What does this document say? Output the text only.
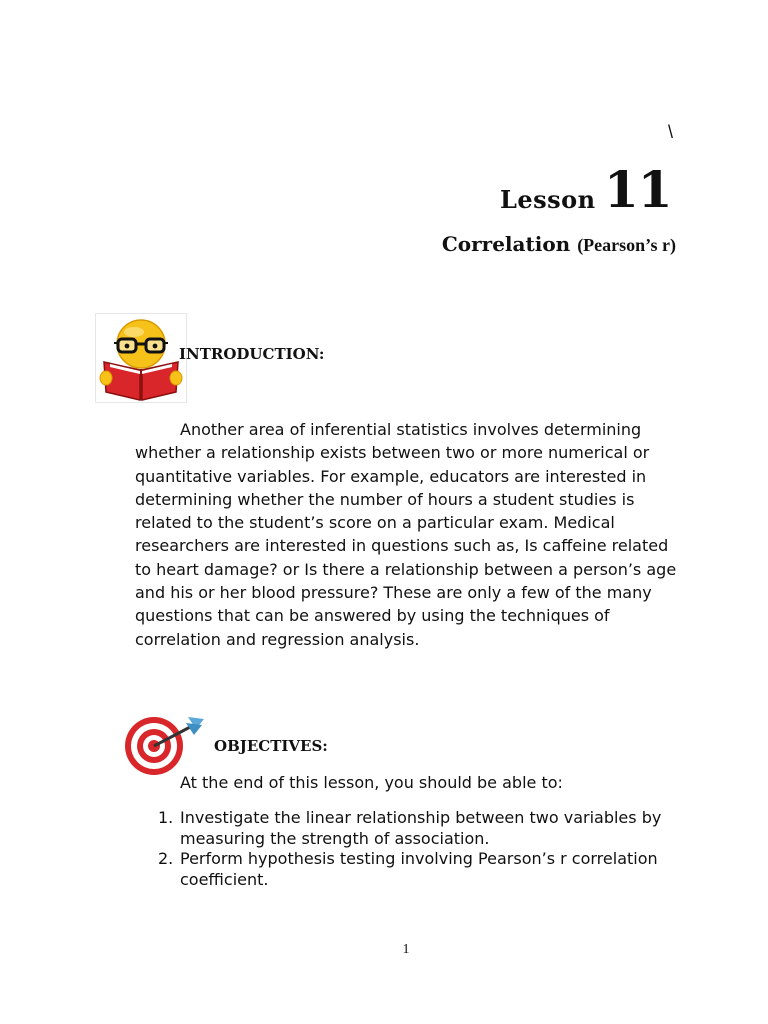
\
Lesson 11
Correlation (Pearson’s r)
INTRODUCTION:

Another area of inferential statistics involves determining whether a relationship exists between two or more numerical or quantitative variables. For example, educators are interested in determining whether the number of hours a student studies is related to the student’s score on a particular exam. Medical researchers are interested in questions such as, Is caffeine related to heart damage? or Is there a relationship between a person’s age and his or her blood pressure? These are only a few of the many questions that can be answered by using the techniques of correlation and regression analysis.

OBJECTIVES:
At the end of this lesson, you should be able to:
1. Investigate the linear relationship between two variables by measuring the strength of association.
2. Perform hypothesis testing involving Pearson’s r correlation coefficient.
1
